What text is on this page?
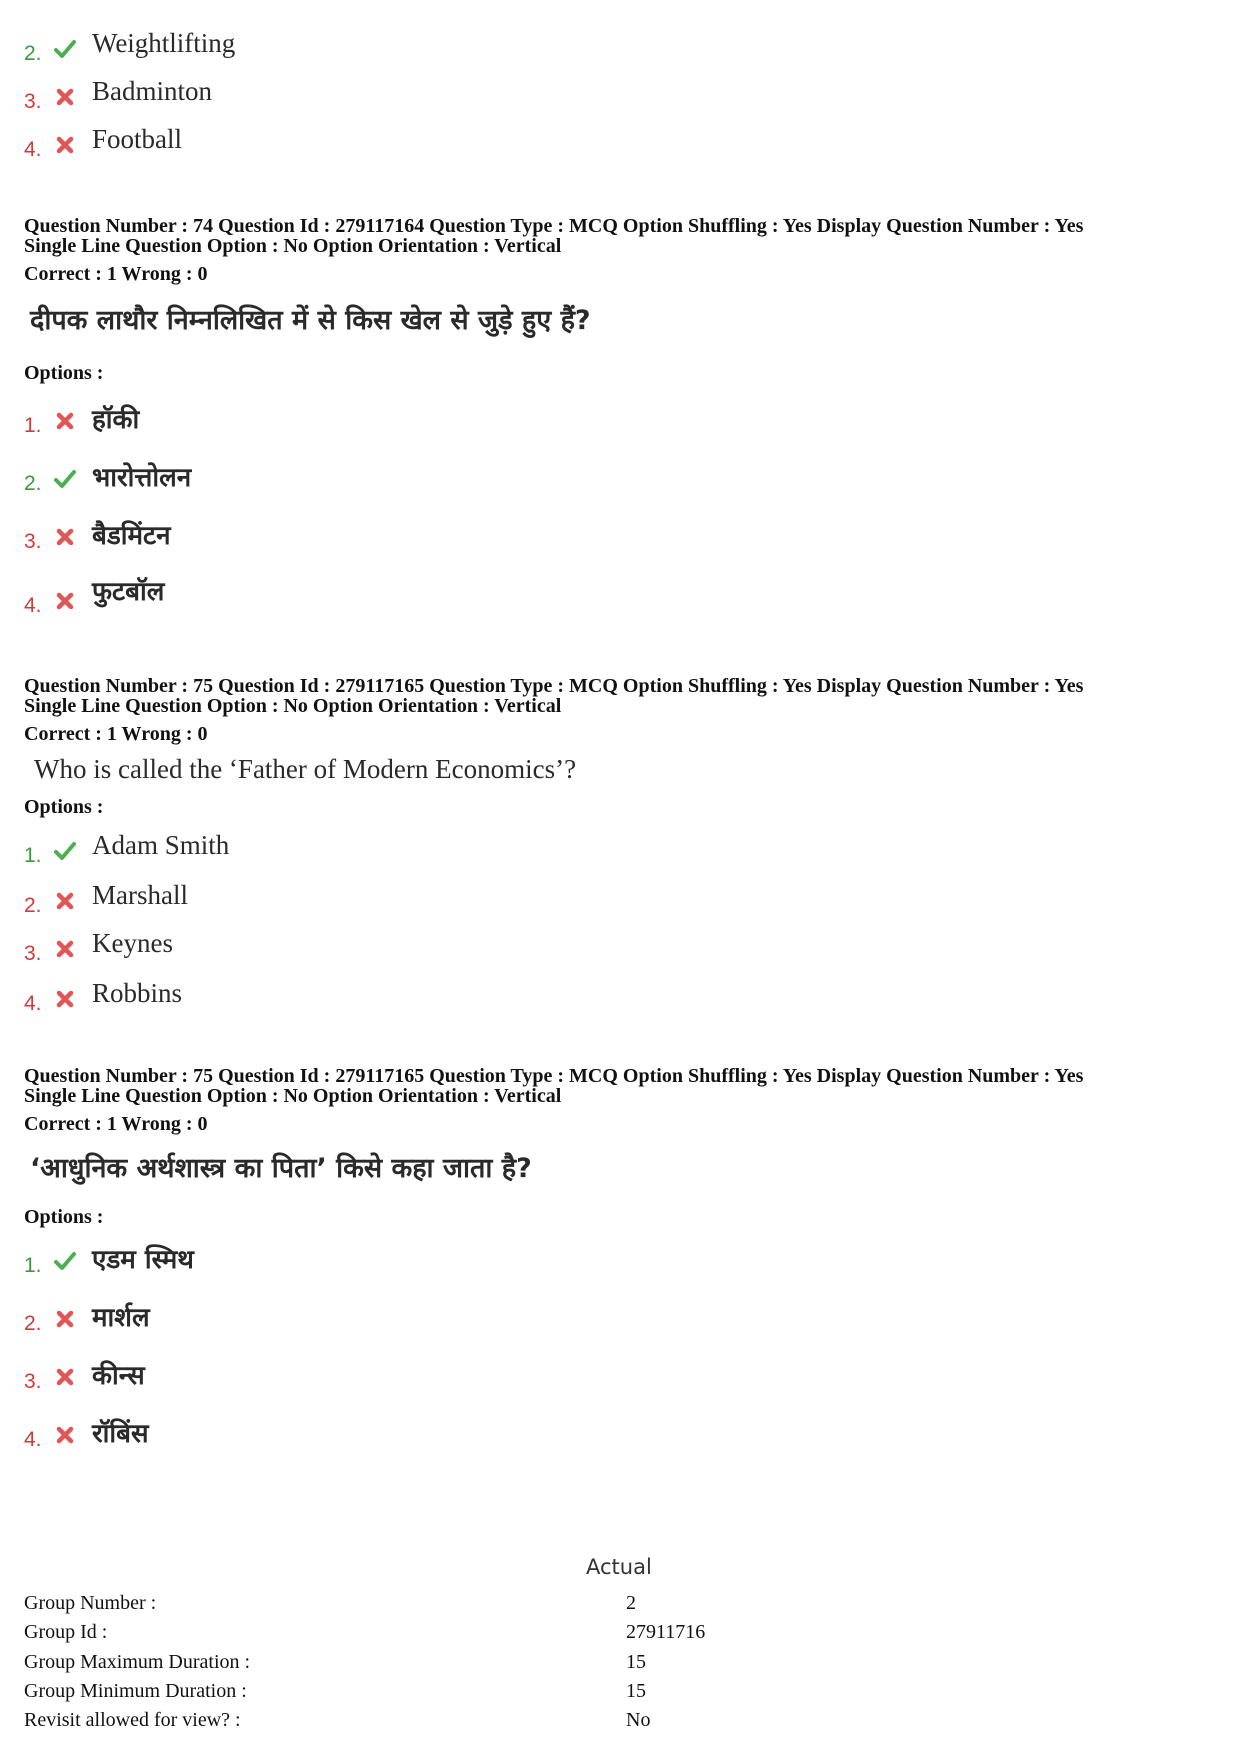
2. Weightlifting
3. Badminton
4. Football
Question Number : 74 Question Id : 279117164 Question Type : MCQ Option Shuffling : Yes Display Question Number : Yes
Single Line Question Option : No Option Orientation : Vertical
Correct : 1 Wrong : 0
दीपक लाथौर निम्नलिखित में से किस खेल से जुड़े हुए हैं?
Options :
1. हॉकी
2. भारोत्तोलन
3. बैडमिंटन
4. फुटबॉल
Question Number : 75 Question Id : 279117165 Question Type : MCQ Option Shuffling : Yes Display Question Number : Yes
Single Line Question Option : No Option Orientation : Vertical
Correct : 1 Wrong : 0
Who is called the ‘Father of Modern Economics’?
Options :
1. Adam Smith
2. Marshall
3. Keynes
4. Robbins
Question Number : 75 Question Id : 279117165 Question Type : MCQ Option Shuffling : Yes Display Question Number : Yes
Single Line Question Option : No Option Orientation : Vertical
Correct : 1 Wrong : 0
‘आधुनिक अर्थशास्त्र का पिता’ किसे कहा जाता है?
Options :
1. एडम स्मिथ
2. मार्शल
3. कीन्स
4. रॉबिंस
Actual
Group Number :	2
Group Id :	27911716
Group Maximum Duration :	15
Group Minimum Duration :	15
Revisit allowed for view? :	No
